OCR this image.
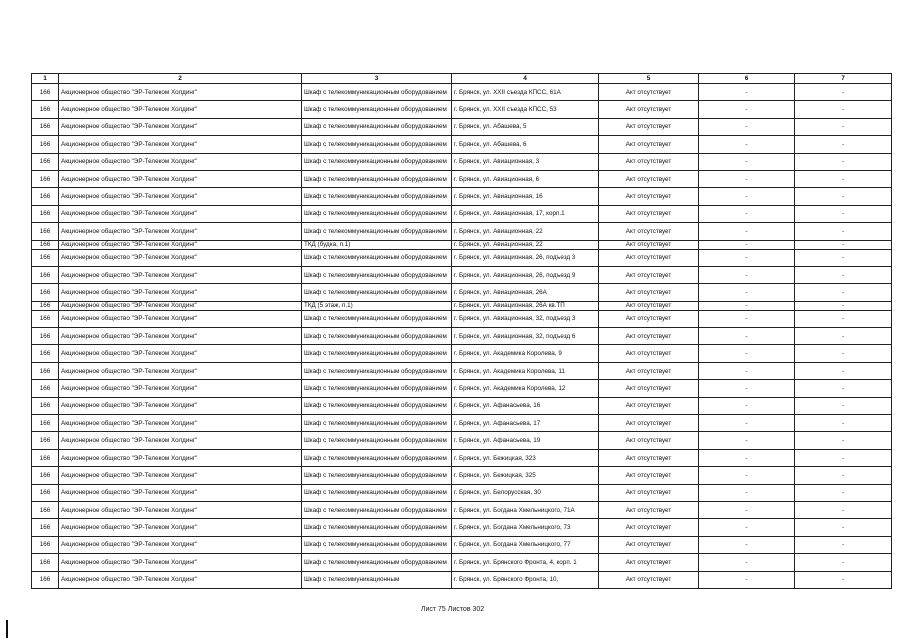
1	2	3	4	5	6	7
166	Акционерное общество "ЭР-Телеком Холдинг"	Шкаф с телекоммуникационным оборудованием	г. Брянск, ул. XXII съезда КПСС, 61А	Акт отсутствует	-	-
166	Акционерное общество "ЭР-Телеком Холдинг"	Шкаф с телекоммуникационным оборудованием	г. Брянск, ул. XXII съезда КПСС, 53	Акт отсутствует	-	-
166	Акционерное общество "ЭР-Телеком Холдинг"	Шкаф с телекоммуникационным оборудованием	г. Брянск, ул. Абашева, 5	Акт отсутствует	-	-
166	Акционерное общество "ЭР-Телеком Холдинг"	Шкаф с телекоммуникационным оборудованием	г. Брянск, ул. Абашева, 6	Акт отсутствует	-	-
166	Акционерное общество "ЭР-Телеком Холдинг"	Шкаф с телекоммуникационным оборудованием	г. Брянск, ул. Авиационная, 3	Акт отсутствует	-	-
166	Акционерное общество "ЭР-Телеком Холдинг"	Шкаф с телекоммуникационным оборудованием	г. Брянск, ул. Авиационная, 6	Акт отсутствует	-	-
166	Акционерное общество "ЭР-Телеком Холдинг"	Шкаф с телекоммуникационным оборудованием	г. Брянск, ул. Авиационная, 16	Акт отсутствует	-	-
166	Акционерное общество "ЭР-Телеком Холдинг"	Шкаф с телекоммуникационным оборудованием	г. Брянск, ул. Авиационная, 17, корп.1	Акт отсутствует	-	-
166	Акционерное общество "ЭР-Телеком Холдинг"	Шкаф с телекоммуникационным оборудованием	г. Брянск, ул. Авиационная, 22	Акт отсутствует	-	-
166	Акционерное общество "ЭР-Телеком Холдинг"	ТКД (будка, п.1)	г. Брянск, ул. Авиационная, 22	Акт отсутствует	-	-
166	Акционерное общество "ЭР-Телеком Холдинг"	Шкаф с телекоммуникационным оборудованием	г. Брянск, ул. Авиационная, 26, подъезд 3	Акт отсутствует	-	-
166	Акционерное общество "ЭР-Телеком Холдинг"	Шкаф с телекоммуникационным оборудованием	г. Брянск, ул. Авиационная, 26, подъезд 9	Акт отсутствует	-	-
166	Акционерное общество "ЭР-Телеком Холдинг"	Шкаф с телекоммуникационным оборудованием	г. Брянск, ул. Авиационная, 26А	Акт отсутствует	-	-
166	Акционерное общество "ЭР-Телеком Холдинг"	ТКД (5 этаж, п.1)	г. Брянск, ул. Авиационная, 26А кв.ТП	Акт отсутствует	-	-
166	Акционерное общество "ЭР-Телеком Холдинг"	Шкаф с телекоммуникационным оборудованием	г. Брянск, ул. Авиационная, 32, подъезд 3	Акт отсутствует	-	-
166	Акционерное общество "ЭР-Телеком Холдинг"	Шкаф с телекоммуникационным оборудованием	г. Брянск, ул. Авиационная, 32, подъезд 6	Акт отсутствует	-	-
166	Акционерное общество "ЭР-Телеком Холдинг"	Шкаф с телекоммуникационным оборудованием	г. Брянск, ул. Академика Королева, 9	Акт отсутствует	-	-
166	Акционерное общество "ЭР-Телеком Холдинг"	Шкаф с телекоммуникационным оборудованием	г. Брянск, ул. Академика Королева, 11	Акт отсутствует	-	-
166	Акционерное общество "ЭР-Телеком Холдинг"	Шкаф с телекоммуникационным оборудованием	г. Брянск, ул. Академика Королева, 12	Акт отсутствует	-	-
166	Акционерное общество "ЭР-Телеком Холдинг"	Шкаф с телекоммуникационным оборудованием	г. Брянск, ул. Афанасьева, 16	Акт отсутствует	-	-
166	Акционерное общество "ЭР-Телеком Холдинг"	Шкаф с телекоммуникационным оборудованием	г. Брянск, ул. Афанасьева, 17	Акт отсутствует	-	-
166	Акционерное общество "ЭР-Телеком Холдинг"	Шкаф с телекоммуникационным оборудованием	г. Брянск, ул. Афанасьева, 19	Акт отсутствует	-	-
166	Акционерное общество "ЭР-Телеком Холдинг"	Шкаф с телекоммуникационным оборудованием	г. Брянск, ул. Бежицкая, 323	Акт отсутствует	-	-
166	Акционерное общество "ЭР-Телеком Холдинг"	Шкаф с телекоммуникационным оборудованием	г. Брянск, ул. Бежицкая, 325	Акт отсутствует	-	-
166	Акционерное общество "ЭР-Телеком Холдинг"	Шкаф с телекоммуникационным оборудованием	г. Брянск, ул. Белорусская, 30	Акт отсутствует	-	-
166	Акционерное общество "ЭР-Телеком Холдинг"	Шкаф с телекоммуникационным оборудованием	г. Брянск, ул. Богдана Хмельницкого, 71А	Акт отсутствует	-	-
166	Акционерное общество "ЭР-Телеком Холдинг"	Шкаф с телекоммуникационным оборудованием	г. Брянск, ул. Богдана Хмельницкого, 73	Акт отсутствует	-	-
166	Акционерное общество "ЭР-Телеком Холдинг"	Шкаф с телекоммуникационным оборудованием	г. Брянск, ул. Богдана Хмельницкого, 77	Акт отсутствует	-	-
166	Акционерное общество "ЭР-Телеком Холдинг"	Шкаф с телекоммуникационным оборудованием	г. Брянск, ул. Брянского Фронта, 4, корп. 1	Акт отсутствует	-	-
166	Акционерное общество "ЭР-Телеком Холдинг"	Шкаф с телекоммуникационным	г. Брянск, ул. Брянского Фронта, 10,	Акт отсутствует	-	-
Лист 75 Листов 302
